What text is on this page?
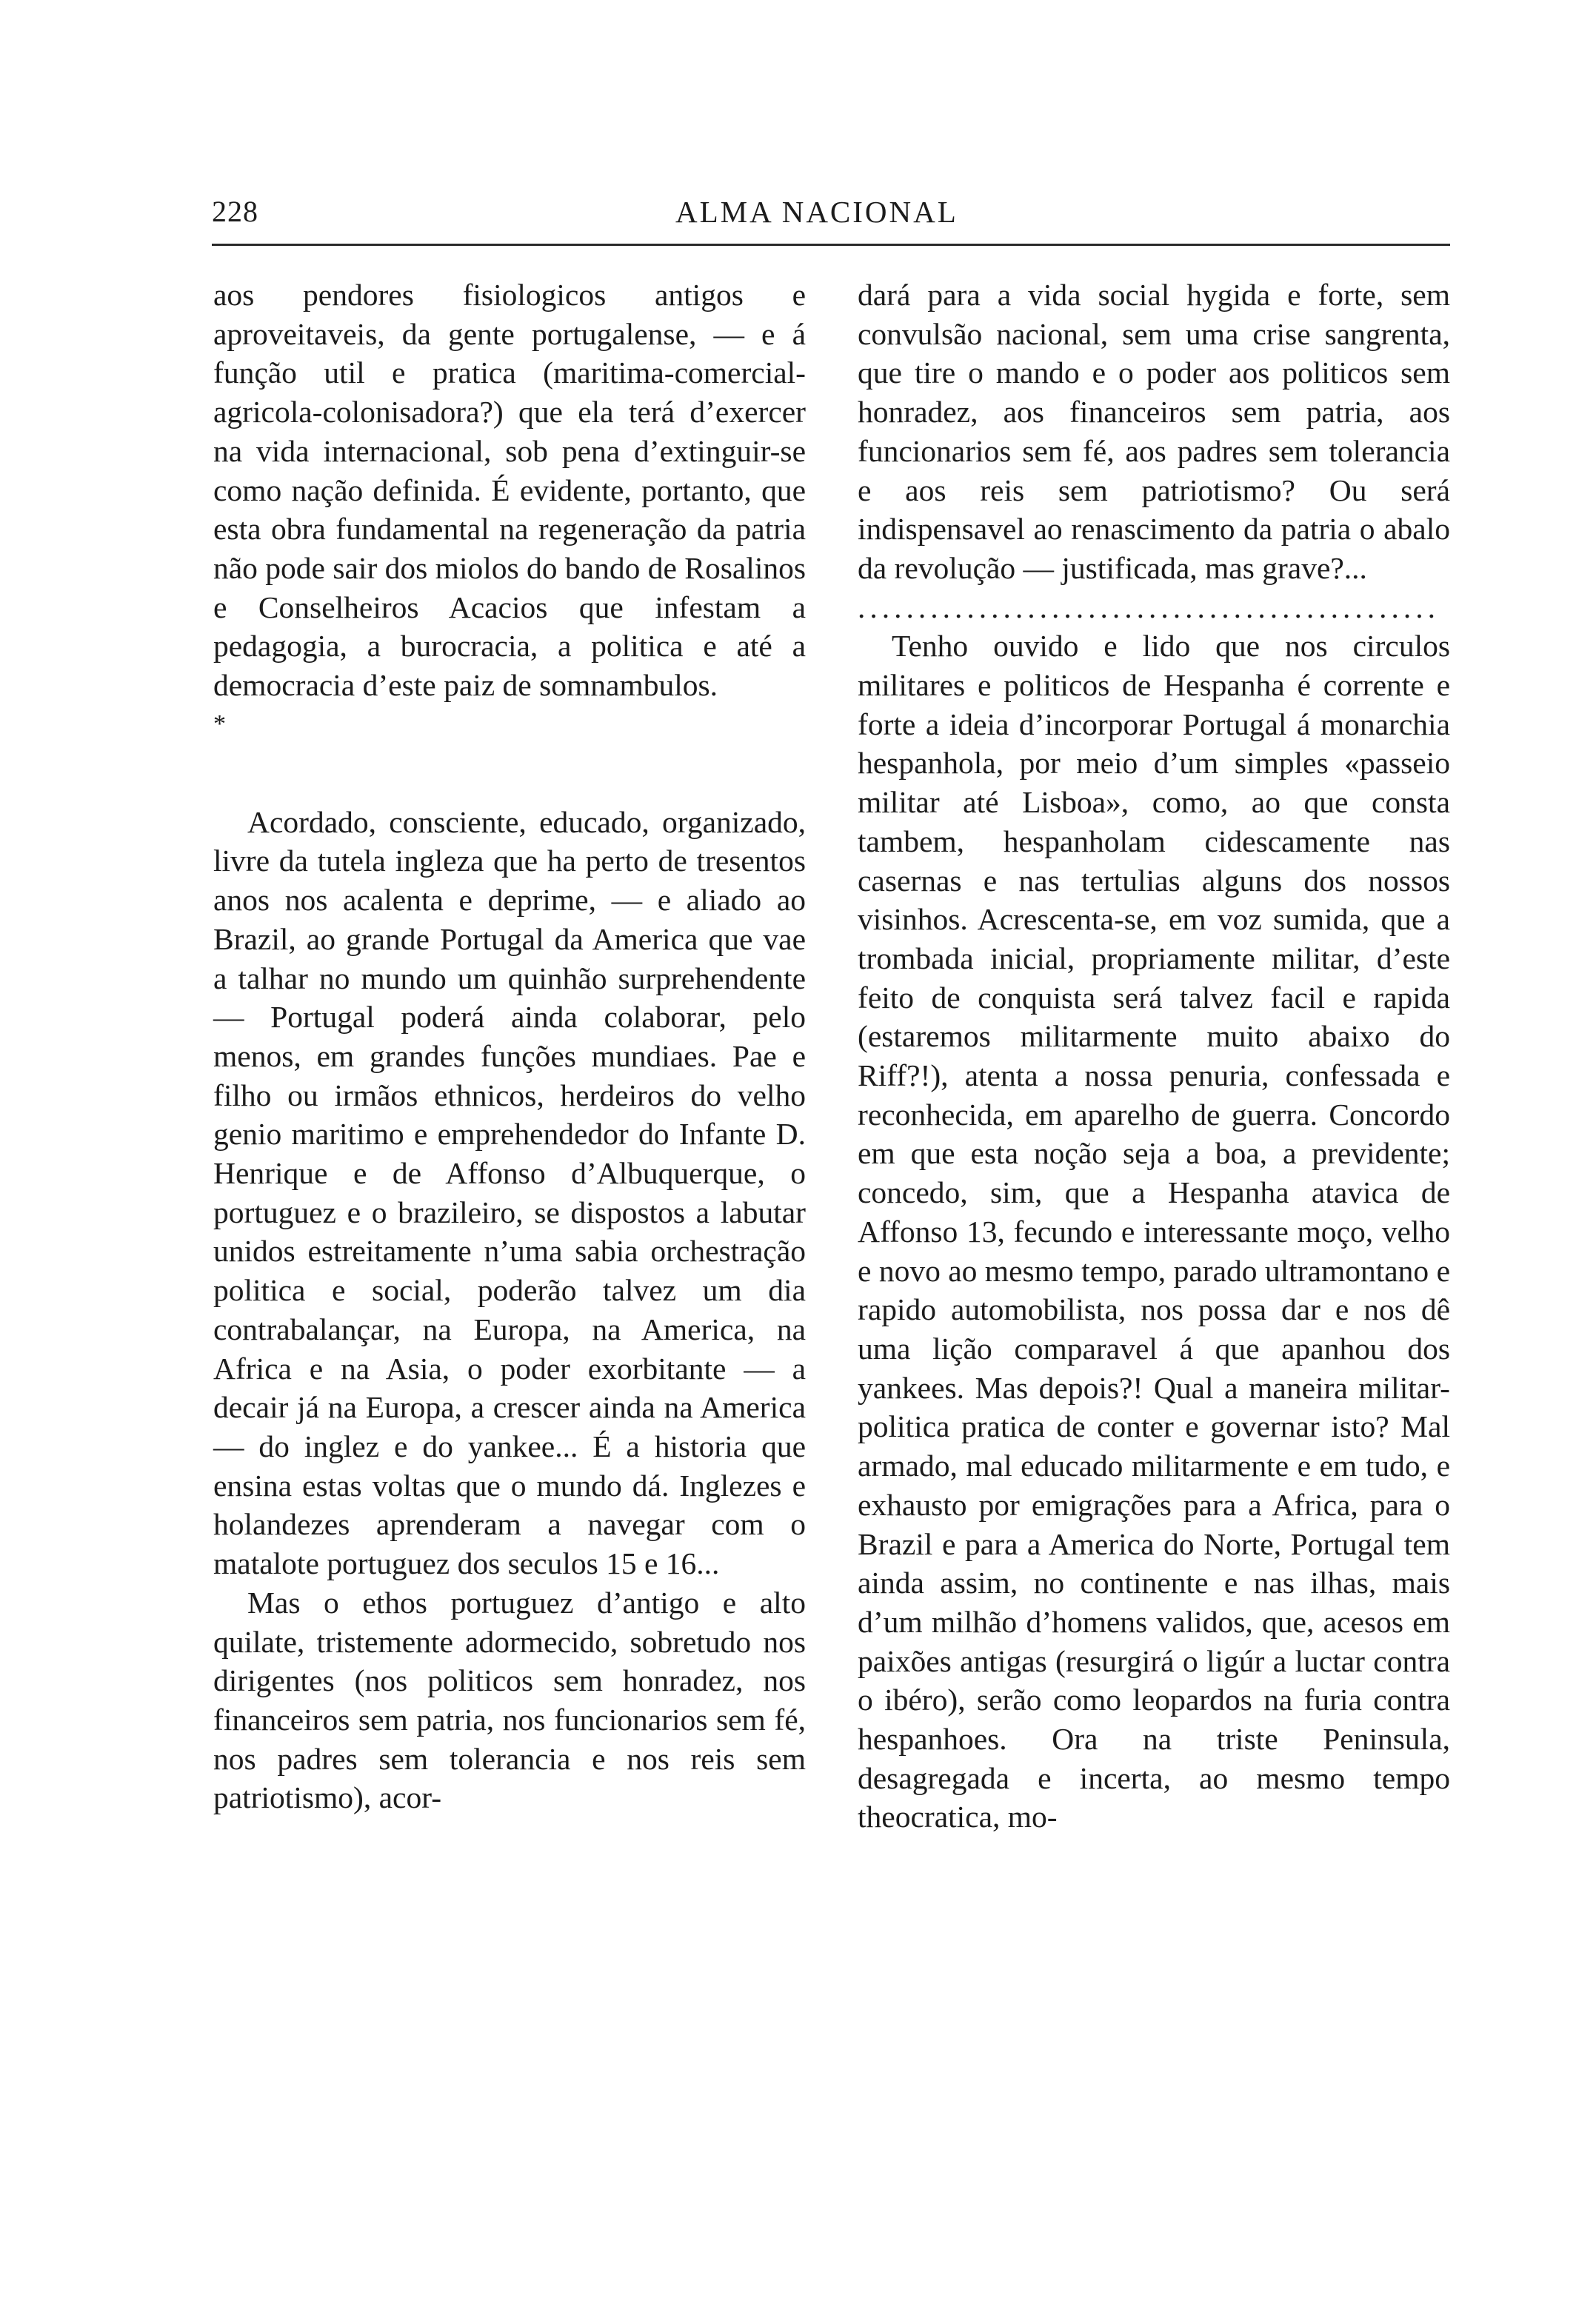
228	ALMA NACIONAL

aos pendores fisiologicos antigos e aproveitaveis, da gente portugalense, — e á função util e pratica (maritima-comercial-agricola-colonisadora?) que ela terá d’exercer na vida internacional, sob pena d’extinguir-se como nação definida. É evidente, portanto, que esta obra fundamental na regeneração da patria não pode sair dos miolos do bando de Rosalinos e Conselheiros Acacios que infestam a pedagogia, a burocracia, a politica e até a democracia d’este paiz de somnambulos.

*

Acordado, consciente, educado, organizado, livre da tutela ingleza que ha perto de tresentos anos nos acalenta e deprime, — e aliado ao Brazil, ao grande Portugal da America que vae a talhar no mundo um quinhão surprehendente — Portugal poderá ainda colaborar, pelo menos, em grandes funções mundiaes. Pae e filho ou irmãos ethnicos, herdeiros do velho genio maritimo e emprehendedor do Infante D. Henrique e de Affonso d’Albuquerque, o portuguez e o brazileiro, se dispostos a labutar unidos estreitamente n’uma sabia orchestração politica e social, poderão talvez um dia contrabalançar, na Europa, na America, na Africa e na Asia, o poder exorbitante — a decair já na Europa, a crescer ainda na America — do inglez e do yankee... É a historia que ensina estas voltas que o mundo dá. Inglezes e holandezes aprenderam a navegar com o matalote portuguez dos seculos 15 e 16...

Mas o ethos portuguez d’antigo e alto quilate, tristemente adormecido, sobretudo nos dirigentes (nos politicos sem honradez, nos financeiros sem patria, nos funcionarios sem fé, nos padres sem tolerancia e nos reis sem patriotismo), acor-

dará para a vida social hygida e forte, sem convulsão nacional, sem uma crise sangrenta, que tire o mando e o poder aos politicos sem honradez, aos financeiros sem patria, aos funcionarios sem fé, aos padres sem tolerancia e aos reis sem patriotismo? Ou será indispensavel ao renascimento da patria o abalo da revolução — justificada, mas grave?...

................................................

Tenho ouvido e lido que nos circulos militares e politicos de Hespanha é corrente e forte a ideia d’incorporar Portugal á monarchia hespanhola, por meio d’um simples «passeio militar até Lisboa», como, ao que consta tambem, hespanholam cidescamente nas casernas e nas tertulias alguns dos nossos visinhos. Acrescenta-se, em voz sumida, que a trombada inicial, propriamente militar, d’este feito de conquista será talvez facil e rapida (estaremos militarmente muito abaixo do Riff?!), atenta a nossa penuria, confessada e reconhecida, em aparelho de guerra. Concordo em que esta noção seja a boa, a previdente; concedo, sim, que a Hespanha atavica de Affonso 13, fecundo e interessante moço, velho e novo ao mesmo tempo, parado ultramontano e rapido automobilista, nos possa dar e nos dê uma lição comparavel á que apanhou dos yankees. Mas depois?! Qual a maneira militar-politica pratica de conter e governar isto? Mal armado, mal educado militarmente e em tudo, e exhausto por emigrações para a Africa, para o Brazil e para a America do Norte, Portugal tem ainda assim, no continente e nas ilhas, mais d’um milhão d’homens validos, que, acesos em paixões antigas (resurgirá o ligúr a luctar contra o ibéro), serão como leopardos na furia contra hespanhoes. Ora na triste Peninsula, desagregada e incerta, ao mesmo tempo theocratica, mo-
